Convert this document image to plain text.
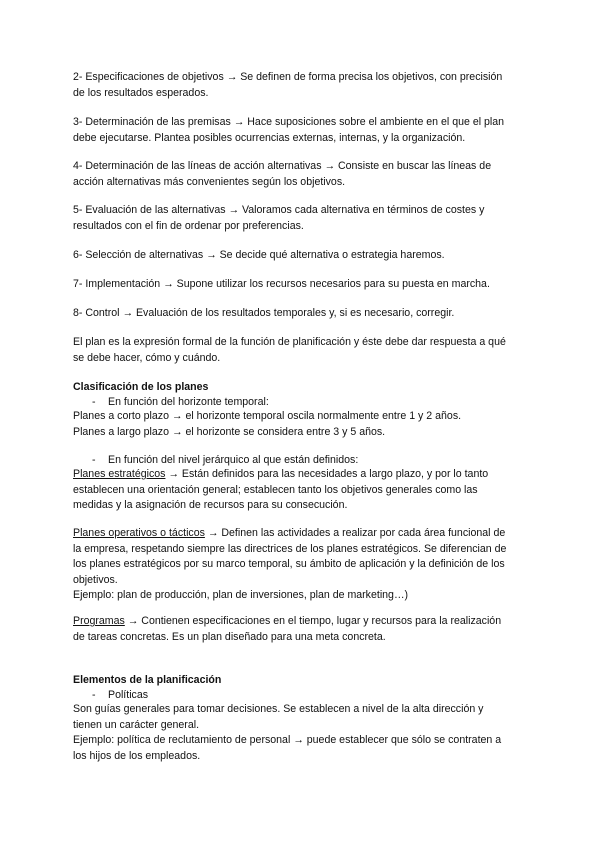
2- Especificaciones de objetivos → Se definen de forma precisa los objetivos, con precisión
de los resultados esperados.

3- Determinación de las premisas → Hace suposiciones sobre el ambiente en el que el plan
debe ejecutarse. Plantea posibles ocurrencias externas, internas, y la organización.

4- Determinación de las líneas de acción alternativas → Consiste en buscar las líneas de
acción alternativas más convenientes según los objetivos.

5- Evaluación de las alternativas → Valoramos cada alternativa en términos de costes y
resultados con el fin de ordenar por preferencias.

6- Selección de alternativas → Se decide qué alternativa o estrategia haremos.

7- Implementación → Supone utilizar los recursos necesarios para su puesta en marcha.

8- Control → Evaluación de los resultados temporales y, si es necesario, corregir.

El plan es la expresión formal de la función de planificación y éste debe dar respuesta a qué
se debe hacer, cómo y cuándo.

Clasificación de los planes

- En función del horizonte temporal:

Planes a corto plazo → el horizonte temporal oscila normalmente entre 1 y 2 años.
Planes a largo plazo → el horizonte se considera entre 3 y 5 años.

- En función del nivel jerárquico al que están definidos:

Planes estratégicos → Están definidos para las necesidades a largo plazo, y por lo tanto
establecen una orientación general; establecen tanto los objetivos generales como las
medidas y la asignación de recursos para su consecución.

Planes operativos o tácticos → Definen las actividades a realizar por cada área funcional de
la empresa, respetando siempre las directrices de los planes estratégicos. Se diferencian de
los planes estratégicos por su marco temporal, su ámbito de aplicación y la definición de los
objetivos.
Ejemplo: plan de producción, plan de inversiones, plan de marketing…)

Programas → Contienen especificaciones en el tiempo, lugar y recursos para la realización
de tareas concretas. Es un plan diseñado para una meta concreta.

Elementos de la planificación

- Políticas

Son guías generales para tomar decisiones. Se establecen a nivel de la alta dirección y
tienen un carácter general.
Ejemplo: política de reclutamiento de personal → puede establecer que sólo se contraten a
los hijos de los empleados.
